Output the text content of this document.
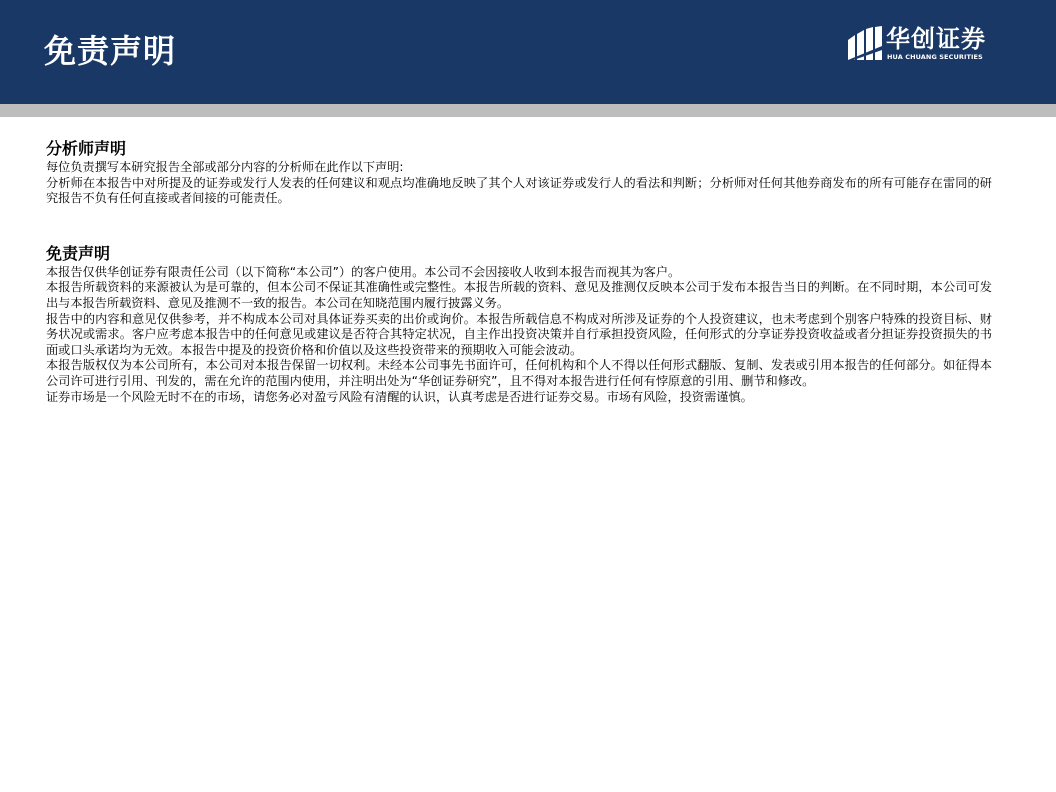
免责声明	华创证券
HUA CHUANG SECURITIES

分析师声明

每位负责撰写本研究报告全部或部分内容的分析师在此作以下声明:

分析师在本报告中对所提及的证券或发行人发表的任何建议和观点均准确地反映了其个人对该证券或发行人的看法和判断；分析师对任何其他券商发布的所有可能存在雷同的研究报告不负有任何直接或者间接的可能责任。

免责声明

本报告仅供华创证券有限责任公司（以下简称“本公司”）的客户使用。本公司不会因接收人收到本报告而视其为客户。

本报告所载资料的来源被认为是可靠的，但本公司不保证其准确性或完整性。本报告所载的资料、意见及推测仅反映本公司于发布本报告当日的判断。在不同时期，本公司可发出与本报告所载资料、意见及推测不一致的报告。本公司在知晓范围内履行披露义务。

报告中的内容和意见仅供参考，并不构成本公司对具体证券买卖的出价或询价。本报告所载信息不构成对所涉及证券的个人投资建议，也未考虑到个别客户特殊的投资目标、财务状况或需求。客户应考虑本报告中的任何意见或建议是否符合其特定状况，自主作出投资决策并自行承担投资风险，任何形式的分享证券投资收益或者分担证券投资损失的书面或口头承诺均为无效。本报告中提及的投资价格和价值以及这些投资带来的预期收入可能会波动。

本报告版权仅为本公司所有，本公司对本报告保留一切权利。未经本公司事先书面许可，任何机构和个人不得以任何形式翻版、复制、发表或引用本报告的任何部分。如征得本公司许可进行引用、刊发的，需在允许的范围内使用，并注明出处为“华创证券研究”，且不得对本报告进行任何有悖原意的引用、删节和修改。

证券市场是一个风险无时不在的市场，请您务必对盈亏风险有清醒的认识，认真考虑是否进行证券交易。市场有风险，投资需谨慎。
